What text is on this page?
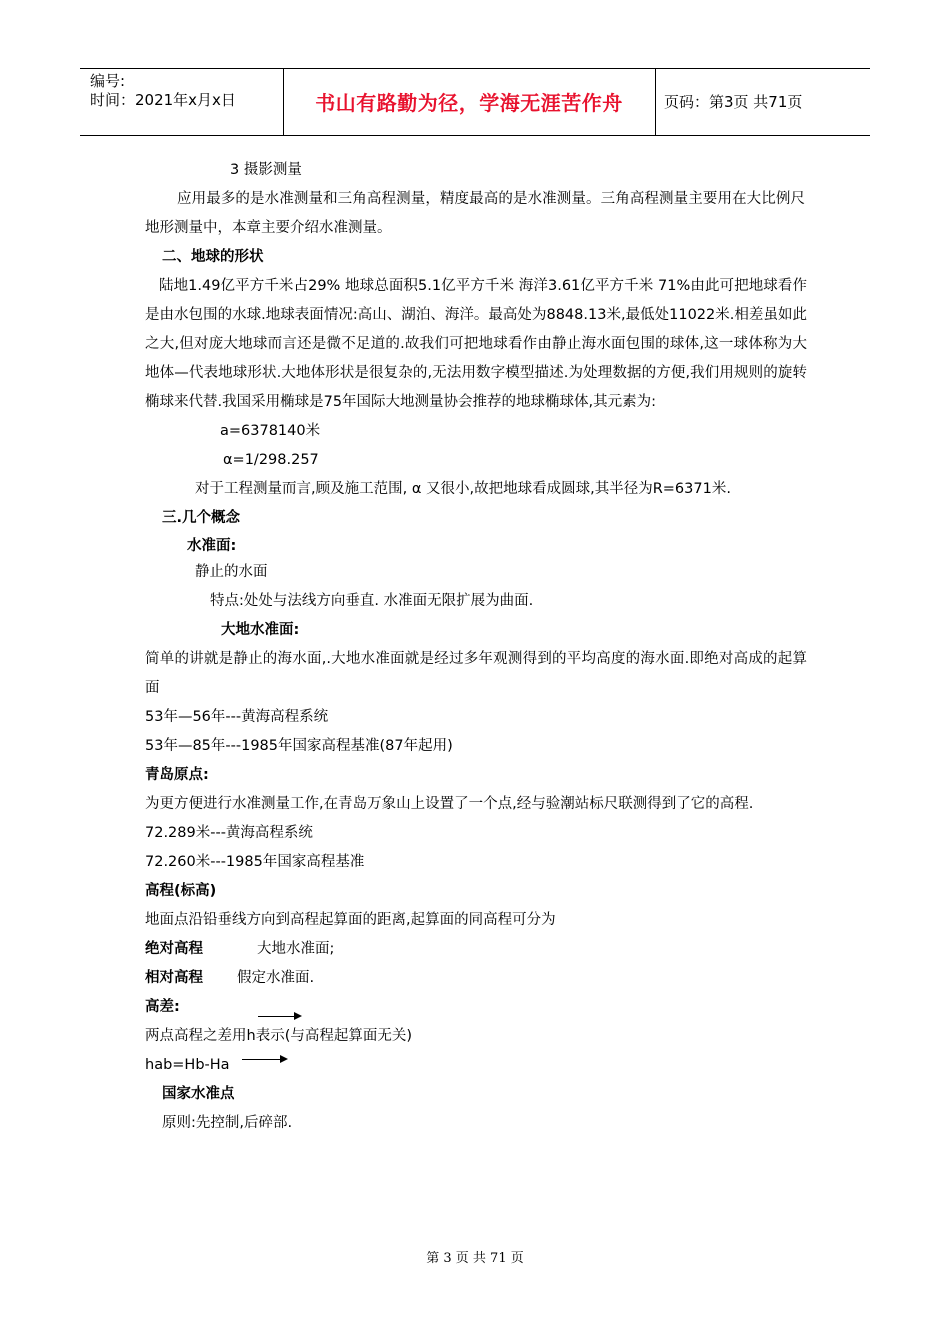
编号:
时间：2021年x月x日	书山有路勤为径，学海无涯苦作舟	页码：第3页 共71页

3 摄影测量

应用最多的是水准测量和三角高程测量，精度最高的是水准测量。三角高程测量主要用在大比例尺地形测量中，本章主要介绍水准测量。

二、地球的形状

陆地1.49亿平方千米占29% 地球总面积5.1亿平方千米 海洋3.61亿平方千米 71%由此可把地球看作是由水包围的水球.地球表面情况:高山、湖泊、海洋。最高处为8848.13米,最低处11022米.相差虽如此之大,但对庞大地球而言还是微不足道的.故我们可把地球看作由静止海水面包围的球体,这一球体称为大地体—代表地球形状.大地体形状是很复杂的,无法用数字模型描述.为处理数据的方便,我们用规则的旋转椭球来代替.我国采用椭球是75年国际大地测量协会推荐的地球椭球体,其元素为:

a=6378140米

α=1/298.257

对于工程测量而言,顾及施工范围, α 又很小,故把地球看成圆球,其半径为R=6371米.

三.几个概念

水准面:

静止的水面

特点:处处与法线方向垂直. 水准面无限扩展为曲面.

大地水准面:

简单的讲就是静止的海水面,.大地水准面就是经过多年观测得到的平均高度的海水面.即绝对高成的起算面

53年—56年---黄海高程系统

53年—85年---1985年国家高程基准(87年起用)

青岛原点:

为更方便进行水准测量工作,在青岛万象山上设置了一个点,经与验潮站标尺联测得到了它的高程.

72.289米---黄海高程系统

72.260米---1985年国家高程基准

高程(标高)

地面点沿铅垂线方向到高程起算面的距离,起算面的同高程可分为

绝对高程	大地水准面;

相对高程 假定水准面.

高差:

两点高程之差用h表示(与高程起算面无关)

hab=Hb-Ha

国家水准点

原则:先控制,后碎部.

第 3 页 共 71 页
